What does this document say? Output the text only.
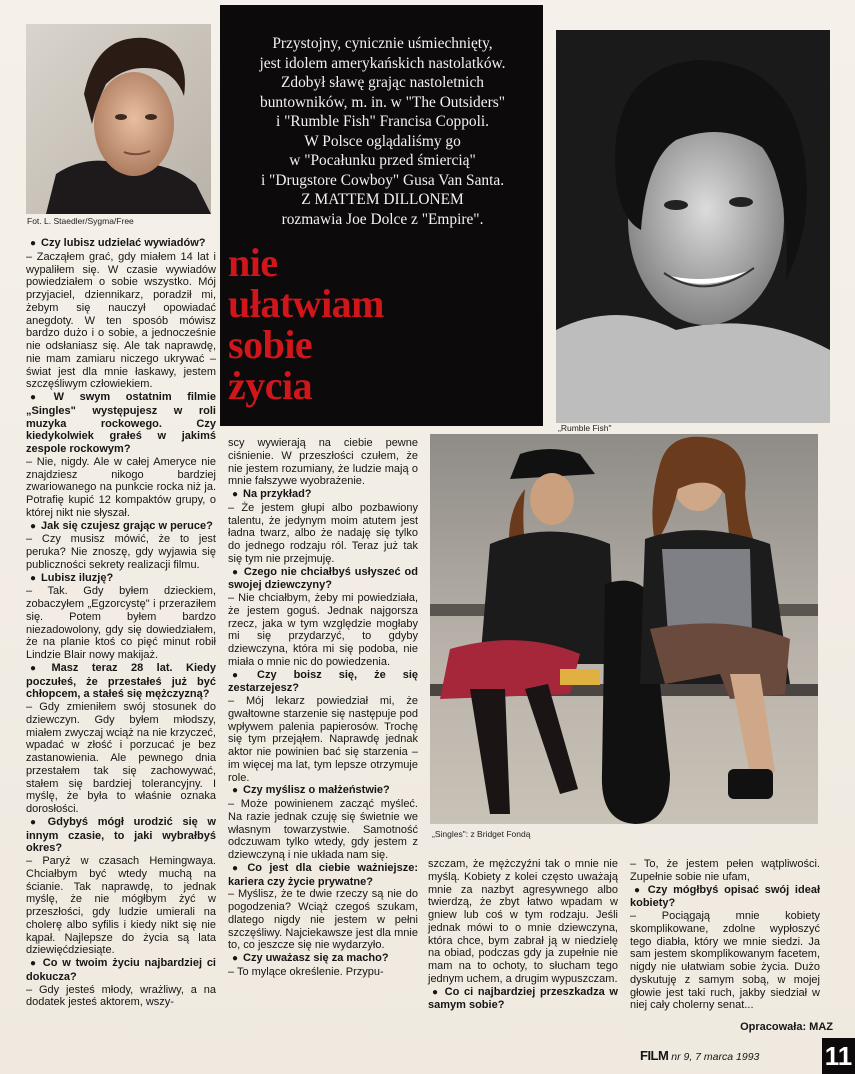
Fot. L. Staedler/Sygma/Free
Przystojny, cynicznie uśmiechnięty,
jest idolem amerykańskich nastolatków.
Zdobył sławę grając nastoletnich
buntowników, m. in. w "The Outsiders"
i "Rumble Fish" Francisa Coppoli.
W Polsce oglądaliśmy go
w "Pocałunku przed śmiercią"
i "Drugstore Cowboy" Gusa Van Santa.
Z MATTEM DILLONEM
rozmawia Joe Dolce z "Empire".
nie
ułatwiam
sobie
życia
„Rumble Fish"
„Singles": z Bridget Fondą

● Czy lubisz udzielać wywiadów?

– Zacząłem grać, gdy miałem 14 lat i wypaliłem się. W czasie wywiadów powiedziałem o sobie wszystko. Mój przyjaciel, dziennikarz, poradził mi, żebym się nauczył opowiadać anegdoty. W ten sposób mówisz bardzo dużo i o sobie, a jednocześnie nie odsłaniasz się. Ale tak naprawdę, nie mam zamiaru niczego ukrywać – świat jest dla mnie łaskawy, jestem szczęśliwym człowiekiem.

● W swym ostatnim filmie „Singles" występujesz w roli muzyka rockowego. Czy kiedykolwiek grałeś w jakimś zespole rockowym?

– Nie, nigdy. Ale w całej Ameryce nie znajdziesz nikogo bardziej zwariowanego na punkcie rocka niż ja. Potrafię kupić 12 kompaktów grupy, o której nikt nie słyszał.

● Jak się czujesz grając w peruce?

– Czy musisz mówić, że to jest peruka? Nie znoszę, gdy wyjawia się publiczności sekrety realizacji filmu.

● Lubisz iluzję?

– Tak. Gdy byłem dzieckiem, zobaczyłem „Egzorcystę" i przeraziłem się. Potem byłem bardzo niezadowolony, gdy się dowiedziałem, że na planie ktoś co pięć minut robił Lindzie Blair nowy makijaż.

● Masz teraz 28 lat. Kiedy poczułeś, że przestałeś już być chłopcem, a stałeś się mężczyzną?

– Gdy zmieniłem swój stosunek do dziewczyn. Gdy byłem młodszy, miałem zwyczaj wciąż na nie krzyczeć, wpadać w złość i porzucać je bez zastanowienia. Ale pewnego dnia przestałem tak się zachowywać, stałem się bardziej tolerancyjny. I myślę, że była to właśnie oznaka dorosłości.

● Gdybyś mógł urodzić się w innym czasie, to jaki wybrałbyś okres?

– Paryż w czasach Hemingwaya. Chciałbym być wtedy muchą na ścianie. Tak naprawdę, to jednak myślę, że nie mógłbym żyć w przeszłości, gdy ludzie umierali na cholerę albo syfilis i kiedy nikt się nie kąpał. Najlepsze do życia są lata dziewięćdziesiąte.

● Co w twoim życiu najbardziej ci dokucza?

– Gdy jesteś młody, wrażliwy, a na dodatek jesteś aktorem, wszy-

scy wywierają na ciebie pewne ciśnienie. W przeszłości czułem, że nie jestem rozumiany, że ludzie mają o mnie fałszywe wyobrażenie.

● Na przykład?

– Że jestem głupi albo pozbawiony talentu, że jedynym moim atutem jest ładna twarz, albo że nadaję się tylko do jednego rodzaju ról. Teraz już tak się tym nie przejmuję.

● Czego nie chciałbyś usłyszeć od swojej dziewczyny?

– Nie chciałbym, żeby mi powiedziała, że jestem goguś. Jednak najgorsza rzecz, jaka w tym względzie mogłaby mi się przydarzyć, to gdyby dziewczyna, która mi się podoba, nie miała o mnie nic do powiedzenia.

● Czy boisz się, że się zestarzejesz?

– Mój lekarz powiedział mi, że gwałtowne starzenie się następuje pod wpływem palenia papierosów. Trochę się tym przejąłem. Naprawdę jednak aktor nie powinien bać się starzenia – im więcej ma lat, tym lepsze otrzymuje role.

● Czy myślisz o małżeństwie?

– Może powinienem zacząć myśleć. Na razie jednak czuję się świetnie we własnym towarzystwie. Samotność odczuwam tylko wtedy, gdy jestem z dziewczyną i nie układa nam się.

● Co jest dla ciebie ważniejsze: kariera czy życie prywatne?

– Myślisz, że te dwie rzeczy są nie do pogodzenia? Wciąż czegoś szukam, dlatego nigdy nie jestem w pełni szczęśliwy. Najciekawsze jest dla mnie to, co jeszcze się nie wydarzyło.

● Czy uważasz się za macho?

– To mylące określenie. Przypu-

szczam, że mężczyźni tak o mnie nie myślą. Kobiety z kolei często uważają mnie za nazbyt agresywnego albo twierdzą, że zbyt łatwo wpadam w gniew lub coś w tym rodzaju. Jeśli jednak mówi to o mnie dziewczyna, która chce, bym zabrał ją w niedzielę na obiad, podczas gdy ja zupełnie nie mam na to ochoty, to słucham tego jednym uchem, a drugim wypuszczam.

● Co ci najbardziej przeszkadza w samym sobie?

– To, że jestem pełen wątpliwości. Zupełnie sobie nie ufam,

● Czy mógłbyś opisać swój ideał kobiety?

– Pociągają mnie kobiety skomplikowane, zdolne wypłoszyć tego diabła, który we mnie siedzi. Ja sam jestem skomplikowanym facetem, nigdy nie ułatwiam sobie życia. Dużo dyskutuję z samym sobą, w mojej głowie jest taki ruch, jakby siedział w niej cały cholerny senat...

Opracowała: MAZ
FILM nr 9, 7 marca 1993	11
